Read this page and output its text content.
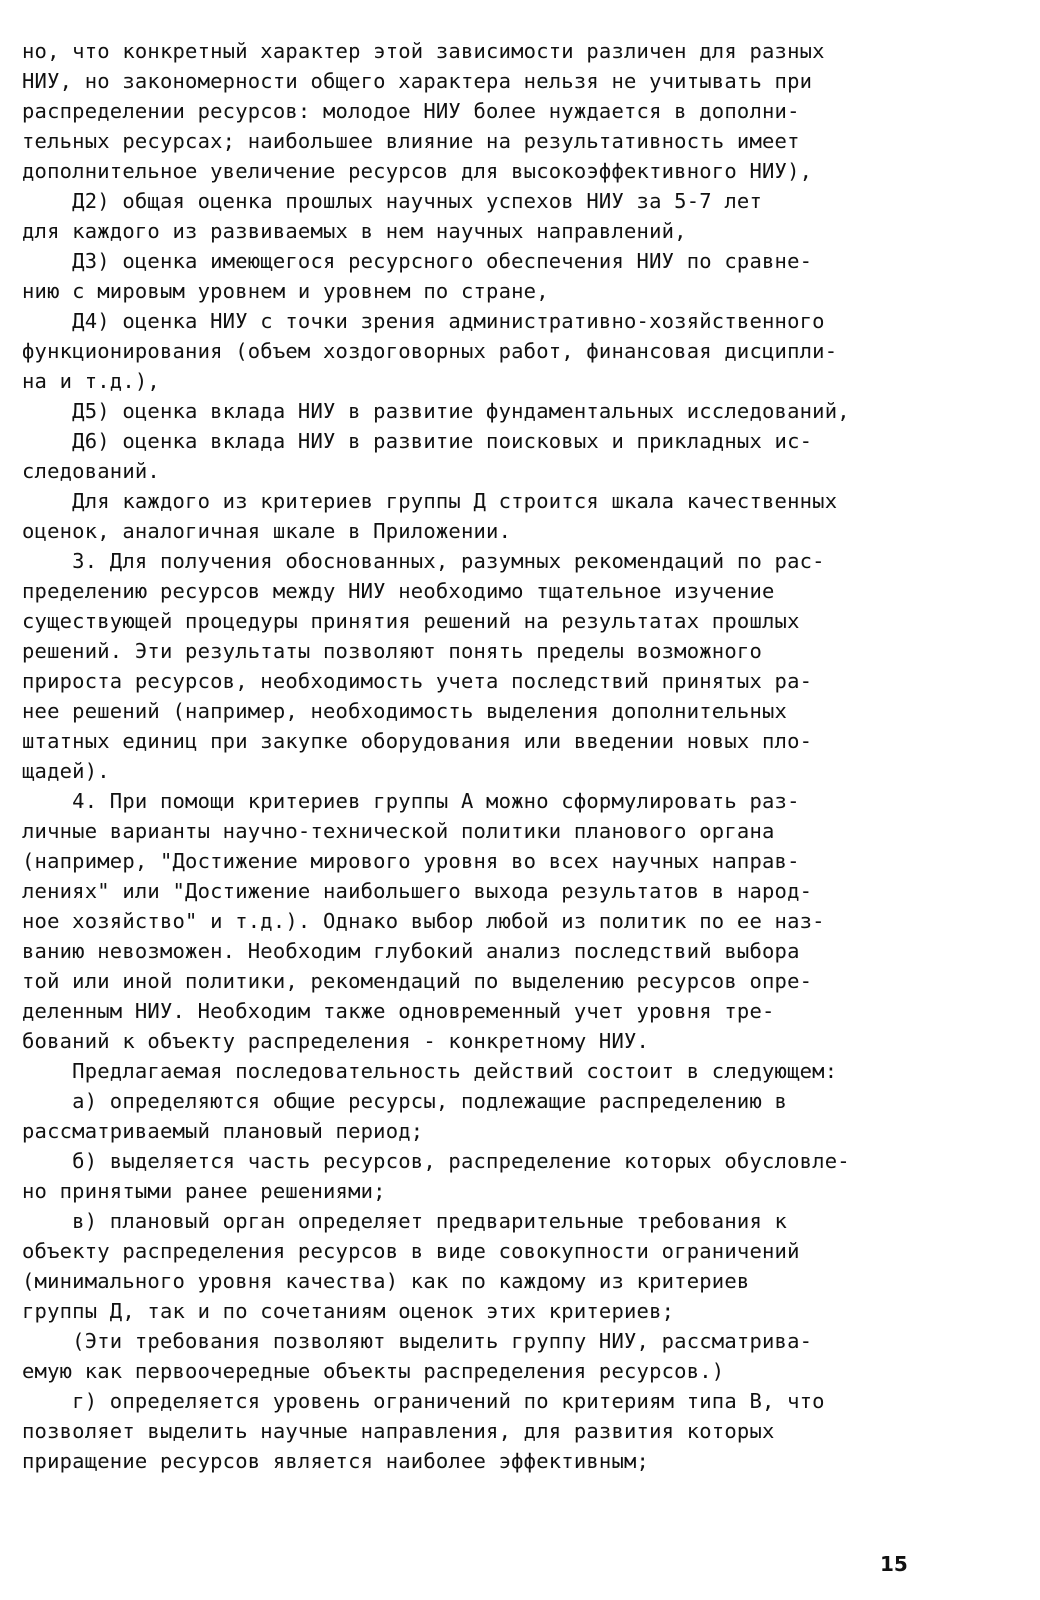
но, что конкретный характер этой зависимости различен для разных
НИУ, но закономерности общего характера нельзя не учитывать при
распределении ресурсов: молодое НИУ более нуждается в дополни-
тельных ресурсах; наибольшее влияние на результативность имеет
дополнительное увеличение ресурсов для высокоэффективного НИУ),
Д2) общая оценка прошлых научных успехов НИУ за 5-7 лет
для каждого из развиваемых в нем научных направлений,
Д3) оценка имеющегося ресурсного обеспечения НИУ по сравне-
нию с мировым уровнем и уровнем по стране,
Д4) оценка НИУ с точки зрения административно-хозяйственного
функционирования (объем хоздоговорных работ, финансовая дисципли-
на и т.д.),
Д5) оценка вклада НИУ в развитие фундаментальных исследований,
Д6) оценка вклада НИУ в развитие поисковых и прикладных ис-
следований.
Для каждого из критериев группы Д строится шкала качественных
оценок, аналогичная шкале в Приложении.
3. Для получения обоснованных, разумных рекомендаций по рас-
пределению ресурсов между НИУ необходимо тщательное изучение
существующей процедуры принятия решений на результатах прошлых
решений. Эти результаты позволяют понять пределы возможного
прироста ресурсов, необходимость учета последствий принятых ра-
нее решений (например, необходимость выделения дополнительных
штатных единиц при закупке оборудования или введении новых пло-
щадей).
4. При помощи критериев группы А можно сформулировать раз-
личные варианты научно-технической политики планового органа
(например, "Достижение мирового уровня во всех научных направ-
лениях" или "Достижение наибольшего выхода результатов в народ-
ное хозяйство" и т.д.). Однако выбор любой из политик по ее наз-
ванию невозможен. Необходим глубокий анализ последствий выбора
той или иной политики, рекомендаций по выделению ресурсов опре-
деленным НИУ. Необходим также одновременный учет уровня тре-
бований к объекту распределения - конкретному НИУ.
Предлагаемая последовательность действий состоит в следующем:
а) определяются общие ресурсы, подлежащие распределению в
рассматриваемый плановый период;
б) выделяется часть ресурсов, распределение которых обусловле-
но принятыми ранее решениями;
в) плановый орган определяет предварительные требования к
объекту распределения ресурсов в виде совокупности ограничений
(минимального уровня качества) как по каждому из критериев
группы Д, так и по сочетаниям оценок этих критериев;
(Эти требования позволяют выделить группу НИУ, рассматрива-
емую как первоочередные объекты распределения ресурсов.)
г) определяется уровень ограничений по критериям типа В, что
позволяет выделить научные направления, для развития которых
приращение ресурсов является наиболее эффективным;
15
